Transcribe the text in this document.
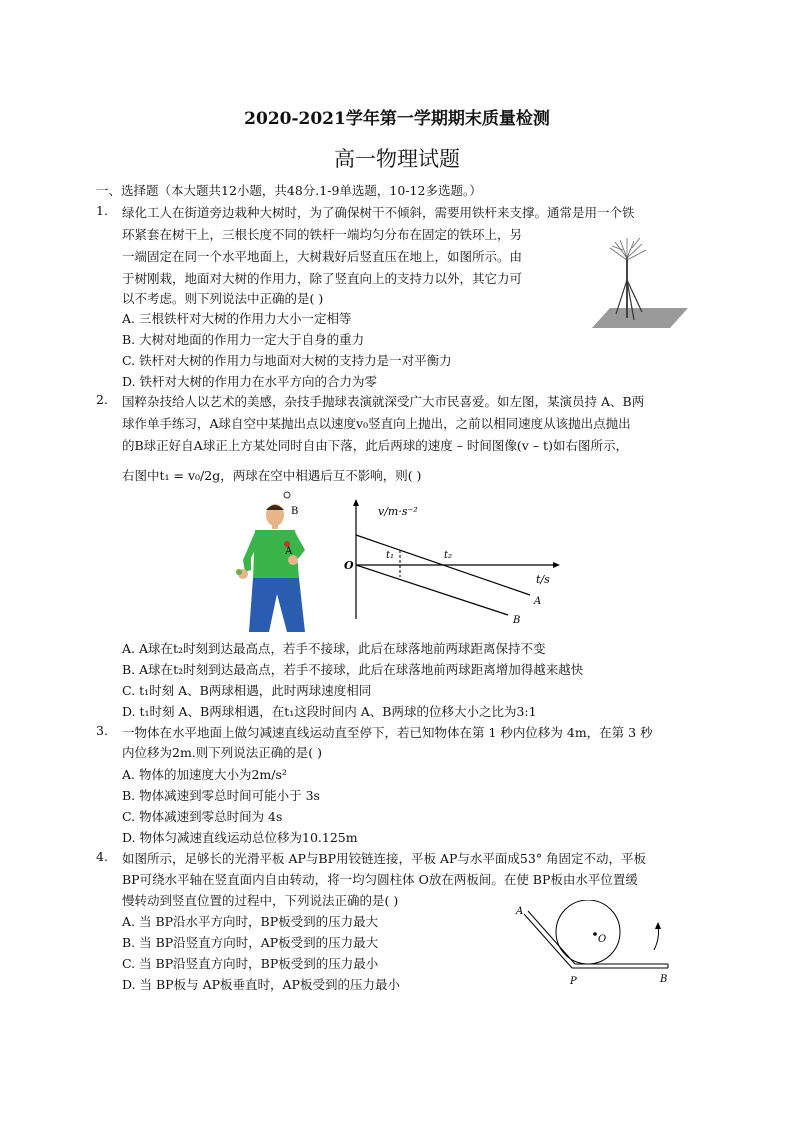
2020-2021学年第一学期期末质量检测
高一物理试题
一、选择题（本大题共12小题，共48分.1-9单选题，10-12多选题。）
1. 绿化工人在街道旁边栽种大树时，为了确保树干不倾斜，需要用铁杆来支撑。通常是用一个铁
环紧套在树干上，三根长度不同的铁杆一端均匀分布在固定的铁环上，另
一端固定在同一个水平地面上，大树栽好后竖直压在地上，如图所示。由
于树刚栽，地面对大树的作用力，除了竖直向上的支持力以外，其它力可
以不考虑。则下列说法中正确的是( )
A. 三根铁杆对大树的作用力大小一定相等
B. 大树对地面的作用力一定大于自身的重力
C. 铁杆对大树的作用力与地面对大树的支持力是一对平衡力
D. 铁杆对大树的作用力在水平方向的合力为零
2. 国粹杂技给人以艺术的美感，杂技手抛球表演就深受广大市民喜爱。如左图，某演员持 A、B两
球作单手练习，A球自空中某抛出点以速度v₀竖直向上抛出，之前以相同速度从该抛出点抛出
的B球正好自A球正上方某处同时自由下落，此后两球的速度 – 时间图像(v – t)如右图所示，
右图中t₁ = v₀/2g，两球在空中相遇后互不影响，则( )
B
A
v/m·s⁻²
t/s
O
t₁	t₂
A
B
A. A球在t₂时刻到达最高点，若手不接球，此后在球落地前两球距离保持不变
B. A球在t₂时刻到达最高点，若手不接球，此后在球落地前两球距离增加得越来越快
C. t₁时刻 A、B两球相遇，此时两球速度相同
D. t₁时刻 A、B两球相遇，在t₁这段时间内 A、B两球的位移大小之比为3:1
3. 一物体在水平地面上做匀减速直线运动直至停下，若已知物体在第 1 秒内位移为 4m，在第 3 秒
内位移为2m.则下列说法正确的是( )
A. 物体的加速度大小为2m/s²
B. 物体减速到零总时间可能小于 3s
C. 物体减速到零总时间为 4s
D. 物体匀减速直线运动总位移为10.125m
4. 如图所示，足够长的光滑平板 AP与BP用铰链连接，平板 AP与水平面成53° 角固定不动，平板
BP可绕水平轴在竖直面内自由转动，将一均匀圆柱体 O放在两板间。在使 BP板由水平位置缓
慢转动到竖直位置的过程中，下列说法正确的是( )
A. 当 BP沿水平方向时，BP板受到的压力最大
B. 当 BP沿竖直方向时，AP板受到的压力最大
C. 当 BP沿竖直方向时，BP板受到的压力最小
D. 当 BP板与 AP板垂直时，AP板受到的压力最小
O
A
P	B
